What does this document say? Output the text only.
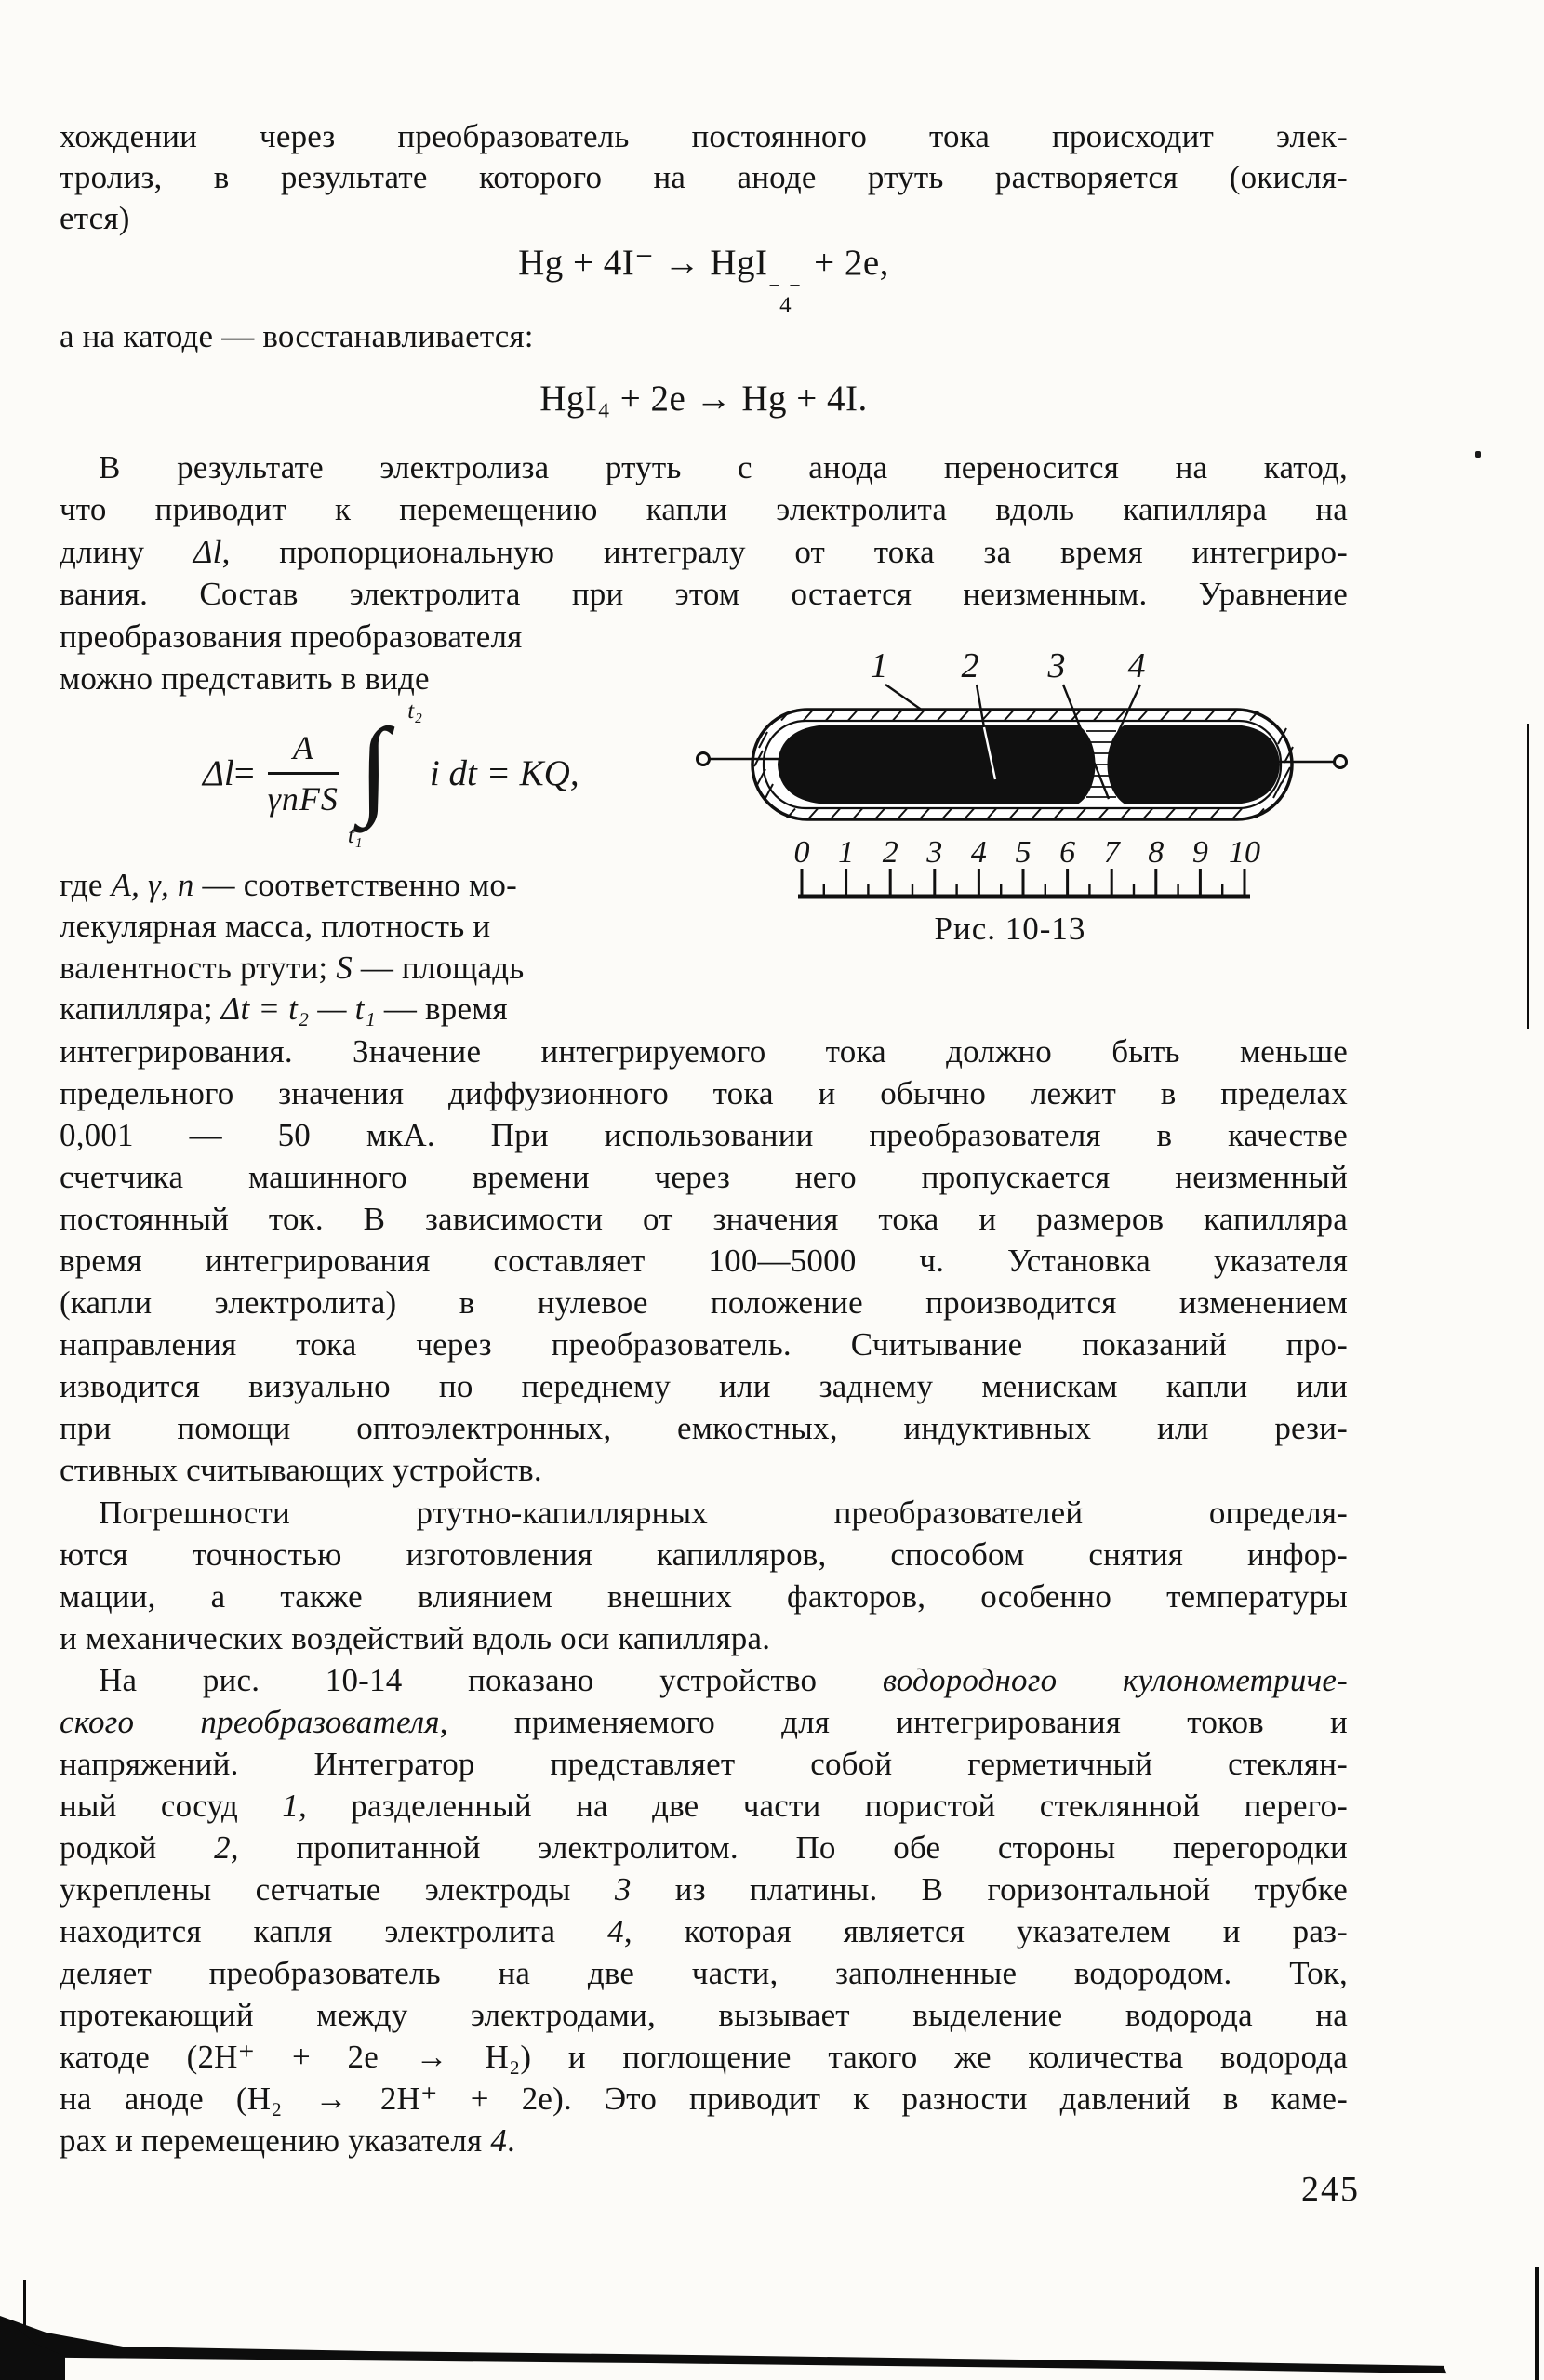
хождении через преобразователь постоянного тока происходит элек-
тролиз, в результате которого на аноде ртуть растворяется (окисля-
ется)
а на катоде — восстанавливается:
В результате электролиза ртуть с анода переносится на катод,
что приводит к перемещению капли электролита вдоль капилляра на
длину Δl, пропорциональную интегралу от тока за время интегриро-
вания. Состав электролита при этом остается неизменным. Уравнение
преобразования преобразователя
можно представить в виде
где A, γ, n — соответственно мо-
лекулярная масса, плотность и
валентность ртути; S — площадь
капилляра; Δt = t₂ — t₁ — время
интегрирования. Значение интегрируемого тока должно быть меньше
предельного значения диффузионного тока и обычно лежит в пределах
0,001 — 50 мкА. При использовании преобразователя в качестве
счетчика машинного времени через него пропускается неизменный
постоянный ток. В зависимости от значения тока и размеров капилляра
время интегрирования составляет 100—5000 ч. Установка указателя
(капли электролита) в нулевое положение производится изменением
направления тока через преобразователь. Считывание показаний про-
изводится визуально по переднему или заднему менискам капли или
при помощи оптоэлектронных, емкостных, индуктивных или рези-
стивных считывающих устройств.
Погрешности ртутно-капиллярных преобразователей определя-
ются точностью изготовления капилляров, способом снятия инфор-
мации, а также влиянием внешних факторов, особенно температуры
и механических воздействий вдоль оси капилляра.
На рис. 10-14 показано устройство водородного кулонометриче-
ского преобразователя, применяемого для интегрирования токов и
напряжений. Интегратор представляет собой герметичный стеклян-
ный сосуд 1, разделенный на две части пористой стеклянной перего-
родкой 2, пропитанной электролитом. По обе стороны перегородки
укреплены сетчатые электроды 3 из платины. В горизонтальной трубке
находится капля электролита 4, которая является указателем и раз-
деляет преобразователь на две части, заполненные водородом. Ток,
протекающий между электродами, вызывает выделение водорода на
катоде (2H⁺ + 2e → H₂) и поглощение такого же количества водорода
на аноде (H₂ → 2H⁺ + 2e). Это приводит к разности давлений в каме-
рах и перемещению указателя 4.
Hg + 4I⁻ → HgI
− −
4
+ 2e,
HgI₄ + 2e → Hg + 4I.
$\Delta l = \frac{A}{\text{γnFS}}$
t₂
∫
t₁
i dt = KQ,
1 2 3 4
0 1 2 3 4 5 6 7 8 9 10
Рис. 10-13
245
